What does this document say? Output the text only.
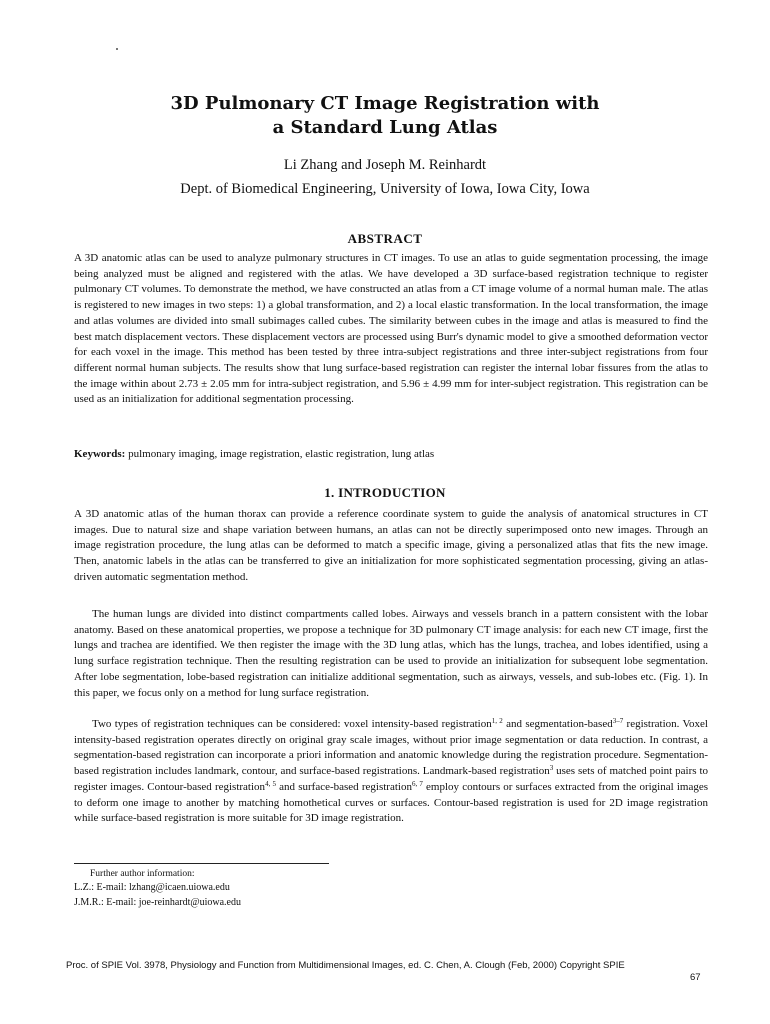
3D Pulmonary CT Image Registration with
a Standard Lung Atlas
Li Zhang and Joseph M. Reinhardt
Dept. of Biomedical Engineering, University of Iowa, Iowa City, Iowa
ABSTRACT
A 3D anatomic atlas can be used to analyze pulmonary structures in CT images. To use an atlas to guide segmentation processing, the image being analyzed must be aligned and registered with the atlas. We have developed a 3D surface-based registration technique to register pulmonary CT volumes. To demonstrate the method, we have constructed an atlas from a CT image volume of a normal human male. The atlas is registered to new images in two steps: 1) a global transformation, and 2) a local elastic transformation. In the local transformation, the image and atlas volumes are divided into small subimages called cubes. The similarity between cubes in the image and atlas is measured to find the best match displacement vectors. These displacement vectors are processed using Burr's dynamic model to give a smoothed deformation vector for each voxel in the image. This method has been tested by three intra-subject registrations and three inter-subject registrations from four different normal human subjects. The results show that lung surface-based registration can register the internal lobar fissures from the atlas to the image within about 2.73 ± 2.05 mm for intra-subject registration, and 5.96 ± 4.99 mm for inter-subject registration. This registration can be used as an initialization for additional segmentation processing.
Keywords: pulmonary imaging, image registration, elastic registration, lung atlas
1. INTRODUCTION
A 3D anatomic atlas of the human thorax can provide a reference coordinate system to guide the analysis of anatomical structures in CT images. Due to natural size and shape variation between humans, an atlas can not be directly superimposed onto new images. Through an image registration procedure, the lung atlas can be deformed to match a specific image, giving a personalized atlas that fits the new image. Then, anatomic labels in the atlas can be transferred to give an initialization for more sophisticated segmentation processing, giving an atlas-driven automatic segmentation method.
The human lungs are divided into distinct compartments called lobes. Airways and vessels branch in a pattern consistent with the lobar anatomy. Based on these anatomical properties, we propose a technique for 3D pulmonary CT image analysis: for each new CT image, first the lungs and trachea are identified. We then register the image with the 3D lung atlas, which has the lungs, trachea, and lobes identified, using a lung surface registration technique. Then the resulting registration can be used to provide an initialization for subsequent lobe segmentation. After lobe segmentation, lobe-based registration can initialize additional segmentation, such as airways, vessels, and sub-lobes etc. (Fig. 1). In this paper, we focus only on a method for lung surface registration.
Two types of registration techniques can be considered: voxel intensity-based registration$^{1, 2}$ and segmentation-based$^{3-7}$ registration. Voxel intensity-based registration operates directly on original gray scale images, without prior image segmentation or data reduction. In contrast, a segmentation-based registration can incorporate a priori information and anatomic knowledge during the registration procedure. Segmentation-based registration includes landmark, contour, and surface-based registrations. Landmark-based registration$^3$ uses sets of matched point pairs to register images. Contour-based registration$^{4, 5}$ and surface-based registration$^{6, 7}$ employ contours or surfaces extracted from the original images to deform one image to another by matching homothetical curves or surfaces. Contour-based registration is used for 2D image registration while surface-based registration is more suitable for 3D image registration.
Further author information:
L.Z.: E-mail: lzhang@icaen.uiowa.edu
J.M.R.: E-mail: joe-reinhardt@uiowa.edu
Proc. of SPIE Vol. 3978, Physiology and Function from Multidimensional Images, ed. C. Chen, A. Clough (Feb, 2000) Copyright SPIE
67
